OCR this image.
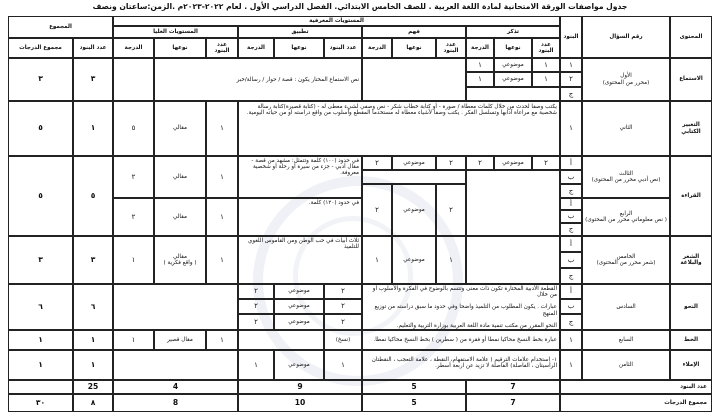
جدول مواصفات الورقة الامتحانية لمادة اللغة العربية . للصف الخامس الابتدائي. الفصل الدراسي الأول . لعام ٢٠٢٢-٢٠٢٣م .الزمن:ساعتان ونصف
المحتوى
رقم السؤال
البنود
المستويات المعرفية
تذكر
فهم
تطبيق
المستويات العليا
المجموع
عدد البنود
نوعها
الدرجة
عدد البنود
نوعها
الدرجة
عدد البنود
نوعها
الدرجة
عدد البنود
نوعها
الدرجة
عدد البنود
مجموع الدرجات
الاستماع
الأول
(محرر من المحتوى)
١
٢
ج
١
موضوعي
١
١
موضوعي
١
نص الاستماع المختار يكون : قصة / حوار / رسالة/خبر
٣
٣
التعبير الكتابي
الثاني
١
يكتب وصفا لحدث من خلال كلمات معطاة / صورة - أو كتابة خطاب شكر - نص وصفي لشيء معطى له - (كتابة قصيرة)كتابة رسالة شخصية مع مراعاة آدابها وتسلسل الفكر . يكتب وصفا لأشياء معطاة له مستخدما المقطع وأسلوب من واقع دراسته او من حياته اليومية.
١
مقالي
٥
١
٥
القراءة
الثالث
(نص أدبي محرر من المحتوى)
الرابع
( نص معلوماتي محرر من المحتوى)
أ
ب
ج
أ
ب
ج
٢
موضوعي
٢
٢
موضوعي
٢
٢
موضوعي
٢
في حدود (١٠٠) كلمة وتتمثل: مشهد من قصة - مقال أدبي - جزء من سيرة أو رحلة أو شخصية معروفة.
في حدود (١٢٠) كلمة.
١
مقالي
٢
١
مقالي
٢
٥
٥
الشعر والبلاغة
الخامس
(شعر محرر من المحتوى)
أ
ب
ج
١
موضوعي
١
ثلاث أبيات في حب الوطن ومن القاموس اللغوي للتلميذ
١
مقالي
( واقع فكرية )
١
٣
٣
النحو
السادس
أ
ب
ج
القطعة الأدبية المختارة تكون ذات معنى وتتسم بالوضوح في الفكرة والأسلوب أو من خلال
عبارات . يكون المطلوب من التلميذ واضحا وفي حدود ما سبق دراسته من توزيع المنهج
النحو المقرر من مكتب تنمية مادة اللغة العربية بوزارة التربية والتعليم.
٢
موضوعي
٢
٢
موضوعي
٢
٢
موضوعي
٢
٦
٦
الخط
السابع
١
عبارة بخط النسخ محاكيا نمطا أو فقرة من ( سطرين ) بخط النسخ محاكيا نمطا.
(نسخ)
١
مقال قصير
١
١
١
الإملاء
الثامن
١
١- استخدام علامات الترقيم ( علامة الاستفهام، النقطة ، علامة التعجب ، النقطتان الرأسيتان ، الفاصلة) الفاصلة لا تزيد عن اربعة أسطر.
١
موضوعي
١
١
١
عدد البنود
7
5
9
4
25
مجموع الدرجات
7
5
10
8
٨
٣٠
